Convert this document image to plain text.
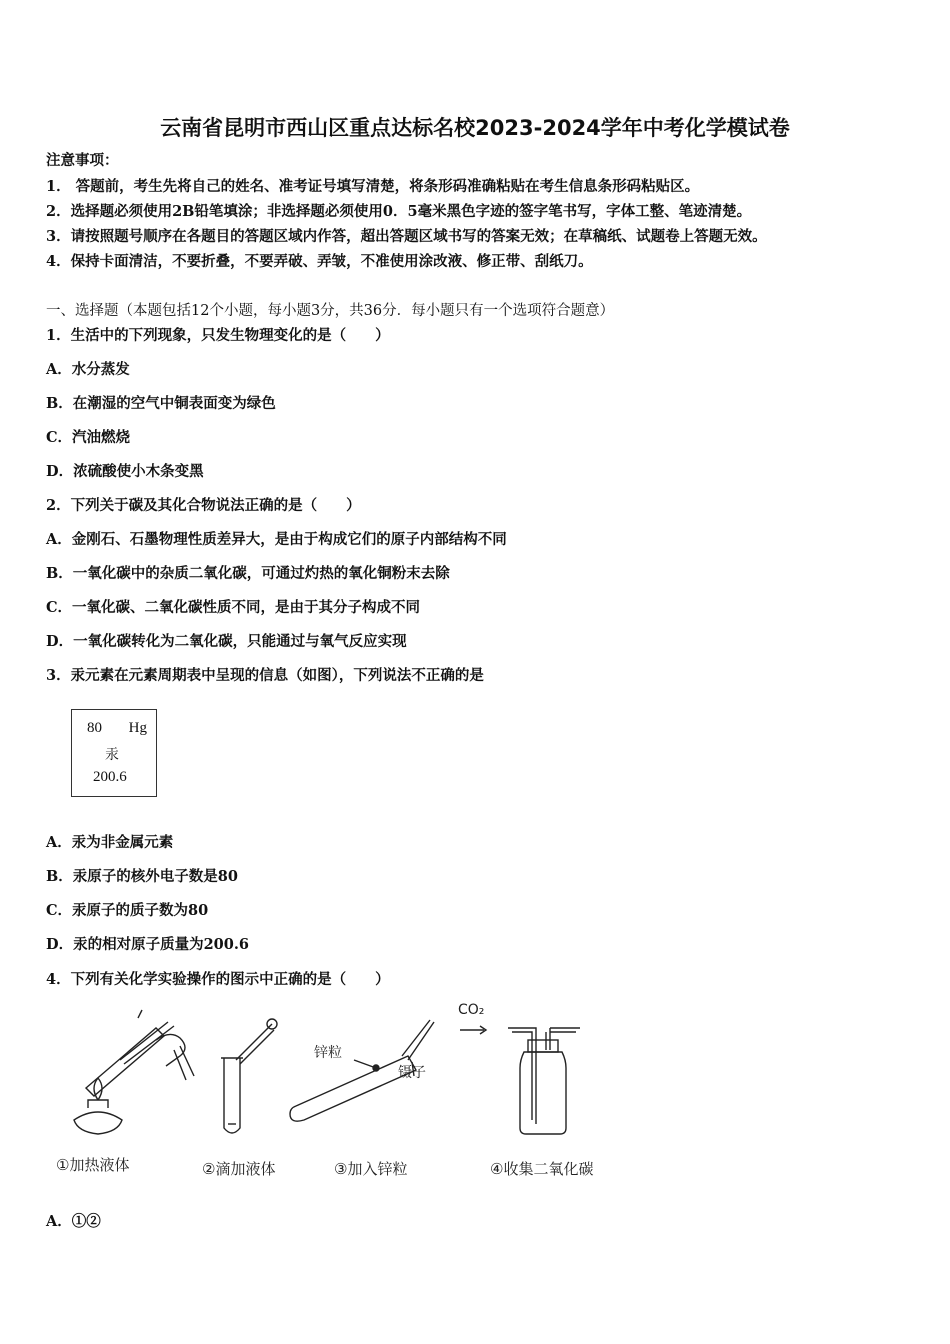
云南省昆明市西山区重点达标名校2023-2024学年中考化学模试卷
注意事项：
1． 答题前，考生先将自己的姓名、准考证号填写清楚，将条形码准确粘贴在考生信息条形码粘贴区。
2．选择题必须使用2B铅笔填涂；非选择题必须使用0．5毫米黑色字迹的签字笔书写，字体工整、笔迹清楚。
3．请按照题号顺序在各题目的答题区域内作答，超出答题区域书写的答案无效；在草稿纸、试题卷上答题无效。
4．保持卡面清洁，不要折叠，不要弄破、弄皱，不准使用涂改液、修正带、刮纸刀。
一、选择题（本题包括12个小题，每小题3分，共36分．每小题只有一个选项符合题意）
1．生活中的下列现象，只发生物理变化的是（　　）
A．水分蒸发
B．在潮湿的空气中铜表面变为绿色
C．汽油燃烧
D．浓硫酸使小木条变黑
2．下列关于碳及其化合物说法正确的是（　　）
A．金刚石、石墨物理性质差异大，是由于构成它们的原子内部结构不同
B．一氧化碳中的杂质二氧化碳，可通过灼热的氧化铜粉末去除
C．一氧化碳、二氧化碳性质不同，是由于其分子构成不同
D．一氧化碳转化为二氧化碳，只能通过与氧气反应实现
3．汞元素在元素周期表中呈现的信息（如图），下列说法不正确的是
80 Hg
汞
200.6
A．汞为非金属元素
B．汞原子的核外电子数是80
C．汞原子的质子数为80
D．汞的相对原子质量为200.6
4．下列有关化学实验操作的图示中正确的是（　　）
锌粒
镊子
CO₂
①加热液体	②滴加液体	③加入锌粒	④收集二氧化碳
A．①②
